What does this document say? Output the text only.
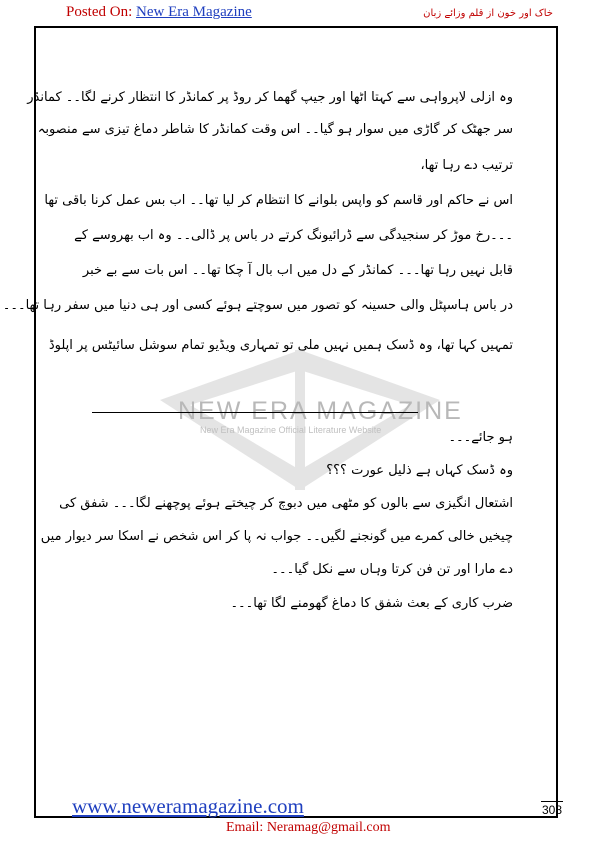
Posted On: New Era Magazine	خاک اور خون از قلم وزائے زبان
NEW ERA MAGAZINE
New Era Magazine Official Literature Website
وہ ازلی لاپرواہی سے کہتا اٹھا اور جیپ گھما کر روڈ پر کمانڈر کا انتظار کرنے لگا۔۔ کمانڈر
سر جھٹک کر گاڑی میں سوار ہو گیا۔۔ اس وقت کمانڈر کا شاطر دماغ تیزی سے منصوبہ
ترتیب دے رہا تھا،
اس نے حاکم اور قاسم کو واپس بلوانے کا انتظام کر لیا تھا۔۔ اب بس عمل کرنا باقی تھا
۔۔۔رخ موڑ کر سنجیدگی سے ڈرائیونگ کرتے در باس پر ڈالی۔۔ وہ اب بھروسے کے
قابل نہیں رہا تھا۔۔۔ کمانڈر کے دل میں اب بال آ چکا تھا۔۔ اس بات سے بے خبر
در باس ہاسپٹل والی حسینہ کو تصور میں سوچتے ہوئے کسی اور ہی دنیا میں سفر رہا تھا۔۔۔
تمہیں کہا تھا، وہ ڈسک ہمیں نہیں ملی تو تمہاری ویڈیو تمام سوشل سائیٹس پر اپلوڈ
ہو جائے۔۔۔
وہ ڈسک کہاں ہے ذلیل عورت ؟؟؟
اشتعال انگیزی سے بالوں کو مٹھی میں دبوچ کر چیختے ہوئے پوچھنے لگا۔۔۔ شفق کی
چیخیں خالی کمرے میں گونجنے لگیں۔۔ جواب نہ پا کر اس شخص نے اسکا سر دیوار میں
دے مارا اور تن فن کرتا وہاں سے نکل گیا۔۔۔
ضرب کاری کے بعث شفق کا دماغ گھومنے لگا تھا۔۔۔
www.neweramagazine.com	308
Email: Neramag@gmail.com
